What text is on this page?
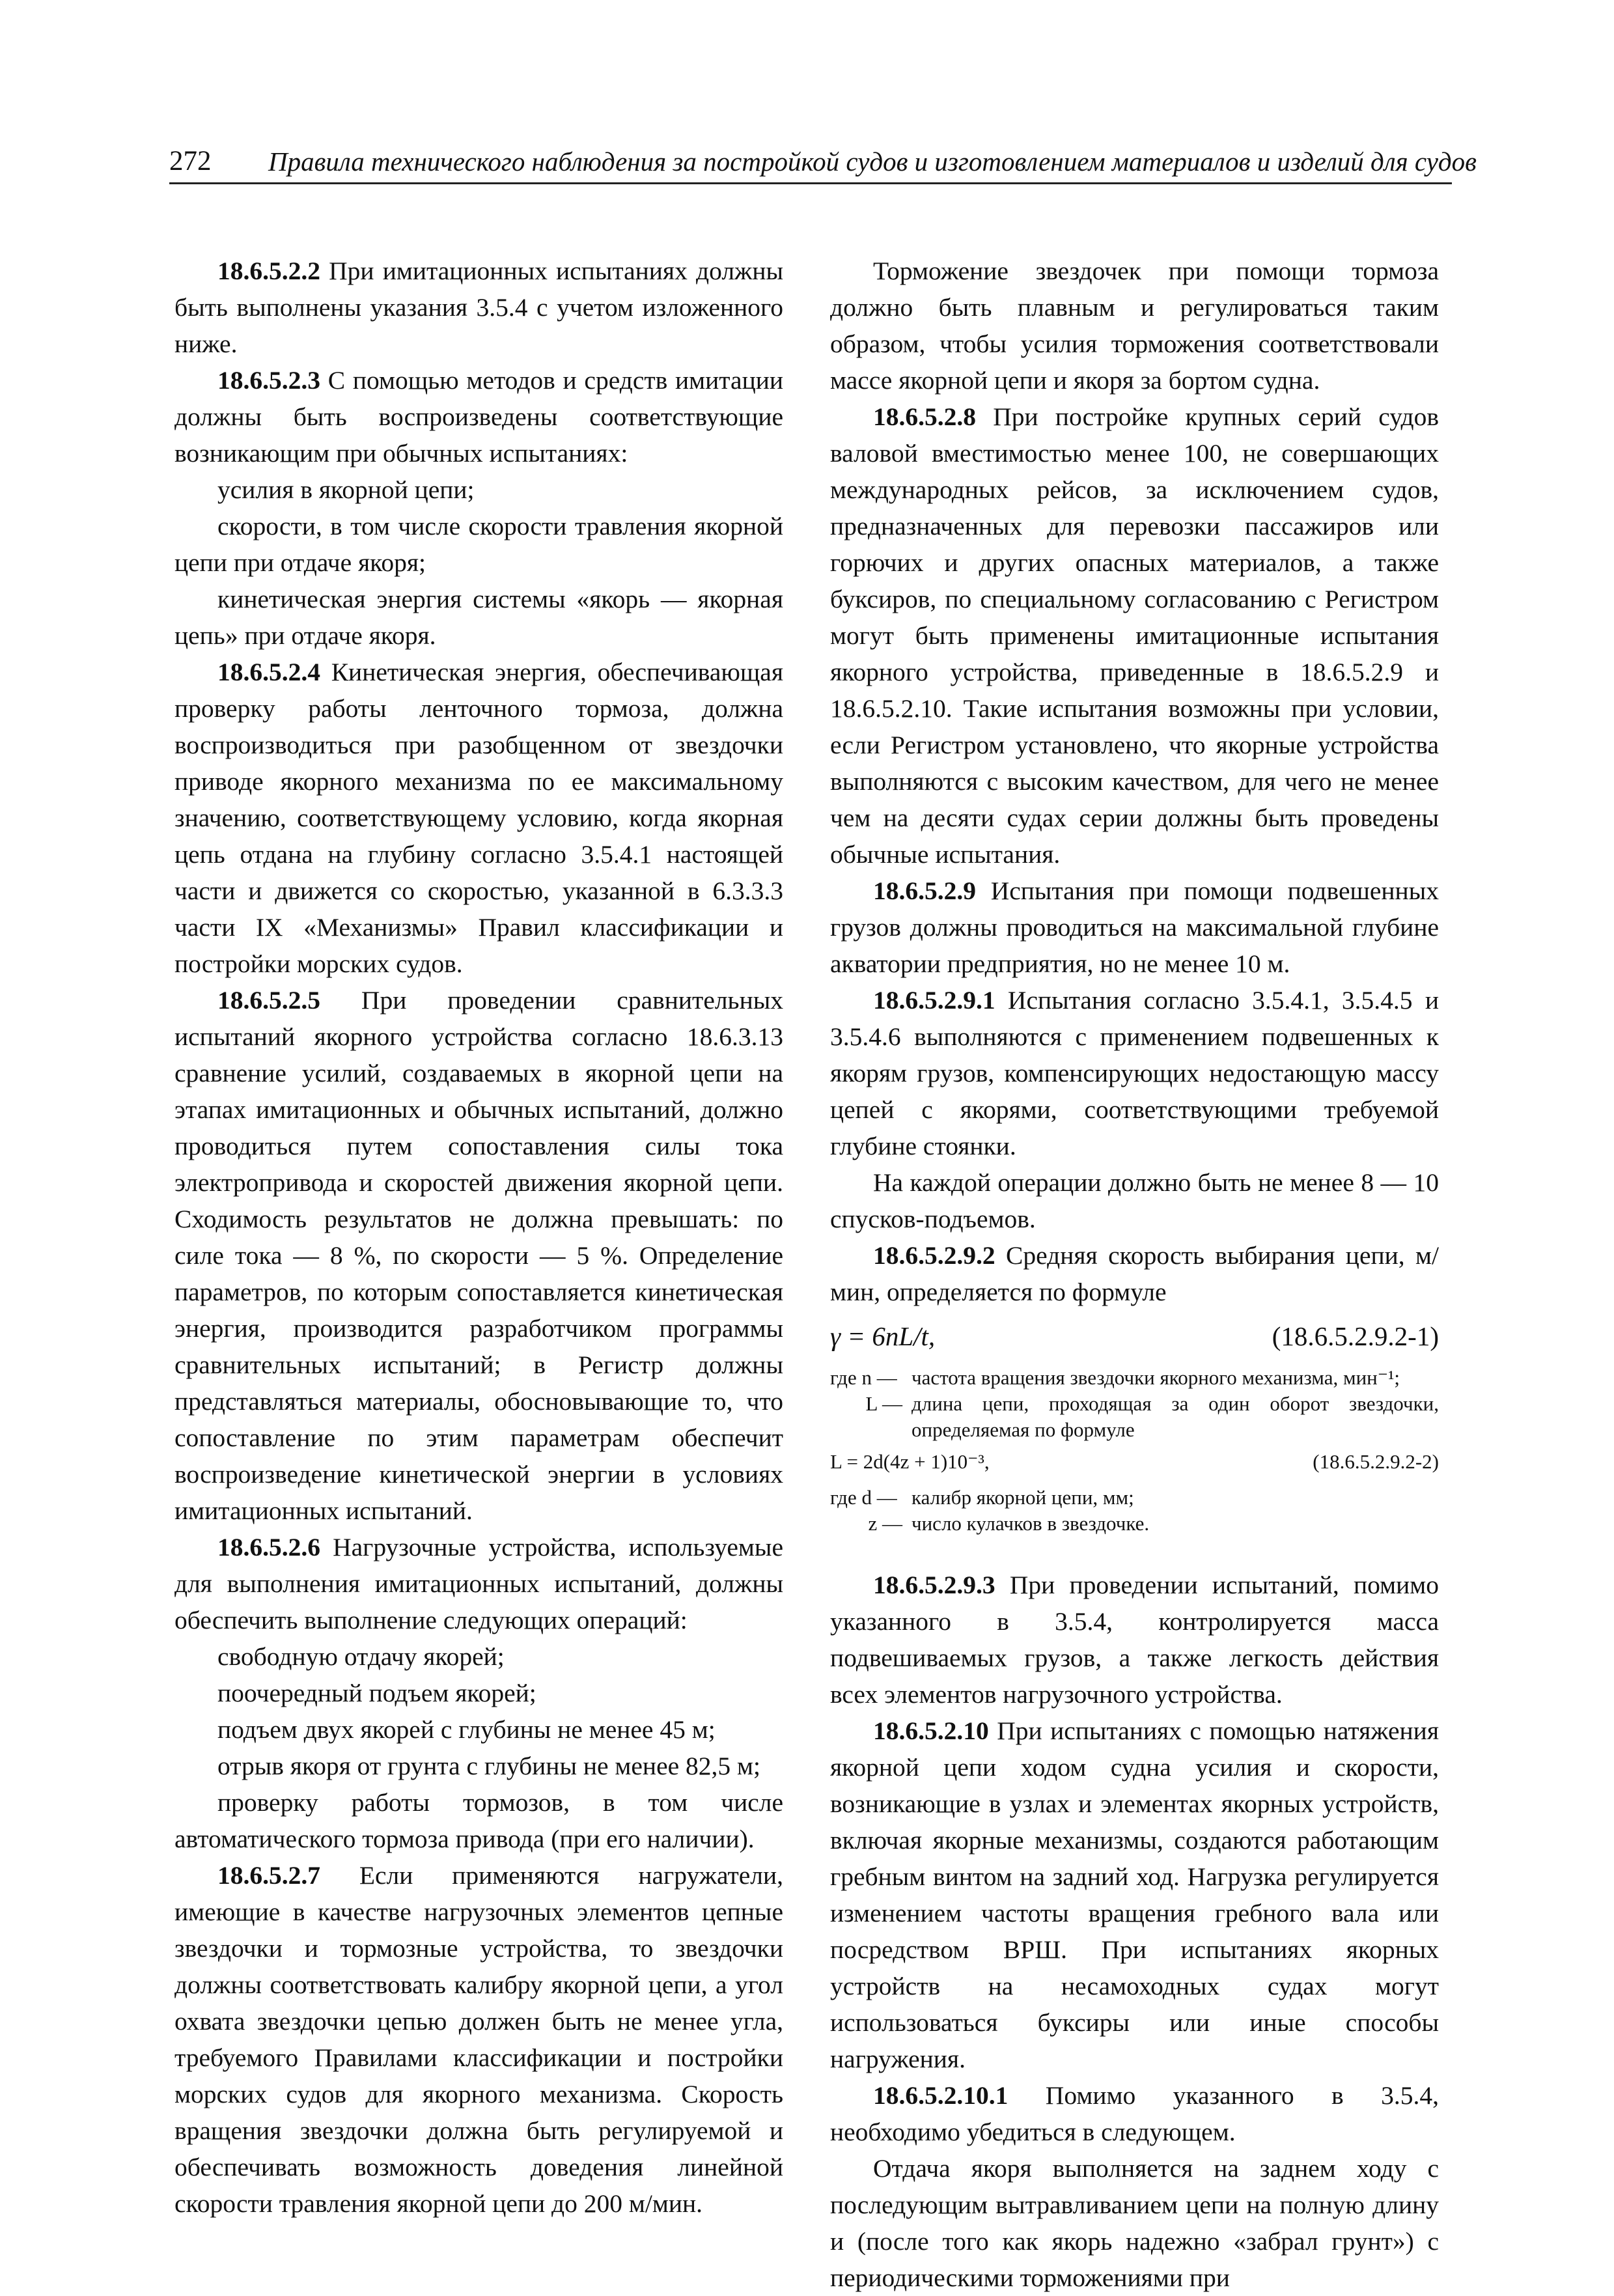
272 Правила технического наблюдения за постройкой судов и изготовлением материалов и изделий для судов

18.6.5.2.2 При имитационных испытаниях должны быть выполнены указания 3.5.4 с учетом изложенного ниже.

18.6.5.2.3 С помощью методов и средств имитации должны быть воспроизведены соответствующие возникающим при обычных испытаниях:

усилия в якорной цепи;

скорости, в том числе скорости травления якорной цепи при отдаче якоря;

кинетическая энергия системы «якорь — якорная цепь» при отдаче якоря.

18.6.5.2.4 Кинетическая энергия, обеспечивающая проверку работы ленточного тормоза, должна воспроизводиться при разобщенном от звездочки приводе якорного механизма по ее максимальному значению, соответствующему условию, когда якорная цепь отдана на глубину согласно 3.5.4.1 настоящей части и движется со скоростью, указанной в 6.3.3.3 части IX «Механизмы» Правил классификации и постройки морских судов.

18.6.5.2.5 При проведении сравнительных испытаний якорного устройства согласно 18.6.3.13 сравнение усилий, создаваемых в якорной цепи на этапах имитационных и обычных испытаний, должно проводиться путем сопоставления силы тока электропривода и скоростей движения якорной цепи. Сходимость результатов не должна превышать: по силе тока — 8 %, по скорости — 5 %. Определение параметров, по которым сопоставляется кинетическая энергия, производится разработчиком программы сравнительных испытаний; в Регистр должны представляться материалы, обосновывающие то, что сопоставление по этим параметрам обеспечит воспроизведение кинетической энергии в условиях имитационных испытаний.

18.6.5.2.6 Нагрузочные устройства, используемые для выполнения имитационных испытаний, должны обеспечить выполнение следующих операций:

свободную отдачу якорей;

поочередный подъем якорей;

подъем двух якорей с глубины не менее 45 м;

отрыв якоря от грунта с глубины не менее 82,5 м;

проверку работы тормозов, в том числе автоматического тормоза привода (при его наличии).

18.6.5.2.7 Если применяются нагружатели, имеющие в качестве нагрузочных элементов цепные звездочки и тормозные устройства, то звездочки должны соответствовать калибру якорной цепи, а угол охвата звездочки цепью должен быть не менее угла, требуемого Правилами классификации и постройки морских судов для якорного механизма. Скорость вращения звездочки должна быть регулируемой и обеспечивать возможность доведения линейной скорости травления якорной цепи до 200 м/мин.

Торможение звездочек при помощи тормоза должно быть плавным и регулироваться таким образом, чтобы усилия торможения соответствовали массе якорной цепи и якоря за бортом судна.

18.6.5.2.8 При постройке крупных серий судов валовой вместимостью менее 100, не совершающих международных рейсов, за исключением судов, предназначенных для перевозки пассажиров или горючих и других опасных материалов, а также буксиров, по специальному согласованию с Регистром могут быть применены имитационные испытания якорного устройства, приведенные в 18.6.5.2.9 и 18.6.5.2.10. Такие испытания возможны при условии, если Регистром установлено, что якорные устройства выполняются с высоким качеством, для чего не менее чем на десяти судах серии должны быть проведены обычные испытания.

18.6.5.2.9 Испытания при помощи подвешенных грузов должны проводиться на максимальной глубине акватории предприятия, но не менее 10 м.

18.6.5.2.9.1 Испытания согласно 3.5.4.1, 3.5.4.5 и 3.5.4.6 выполняются с применением подвешенных к якорям грузов, компенсирующих недостающую массу цепей с якорями, соответствующими требуемой глубине стоянки.

На каждой операции должно быть не менее 8 — 10 спусков-подъемов.

18.6.5.2.9.2 Средняя скорость выбирания цепи, м/мин, определяется по формуле

γ = 6nL/t,	(18.6.5.2.9.2-1)
где n — частота вращения звездочки якорного механизма, мин⁻¹;
L — длина цепи, проходящая за один оборот звездочки, определяемая по формуле
L = 2d(4z + 1)10⁻³,	(18.6.5.2.9.2-2)
где d — калибр якорной цепи, мм;
z — число кулачков в звездочке.

18.6.5.2.9.3 При проведении испытаний, помимо указанного в 3.5.4, контролируется масса подвешиваемых грузов, а также легкость действия всех элементов нагрузочного устройства.

18.6.5.2.10 При испытаниях с помощью натяжения якорной цепи ходом судна усилия и скорости, возникающие в узлах и элементах якорных устройств, включая якорные механизмы, создаются работающим гребным винтом на задний ход. Нагрузка регулируется изменением частоты вращения гребного вала или посредством ВРШ. При испытаниях якорных устройств на несамоходных судах могут использоваться буксиры или иные способы нагружения.

18.6.5.2.10.1 Помимо указанного в 3.5.4, необходимо убедиться в следующем.

Отдача якоря выполняется на заднем ходу с последующим вытравливанием цепи на полную длину и (после того как якорь надежно «забрал грунт») с периодическими торможениями при
